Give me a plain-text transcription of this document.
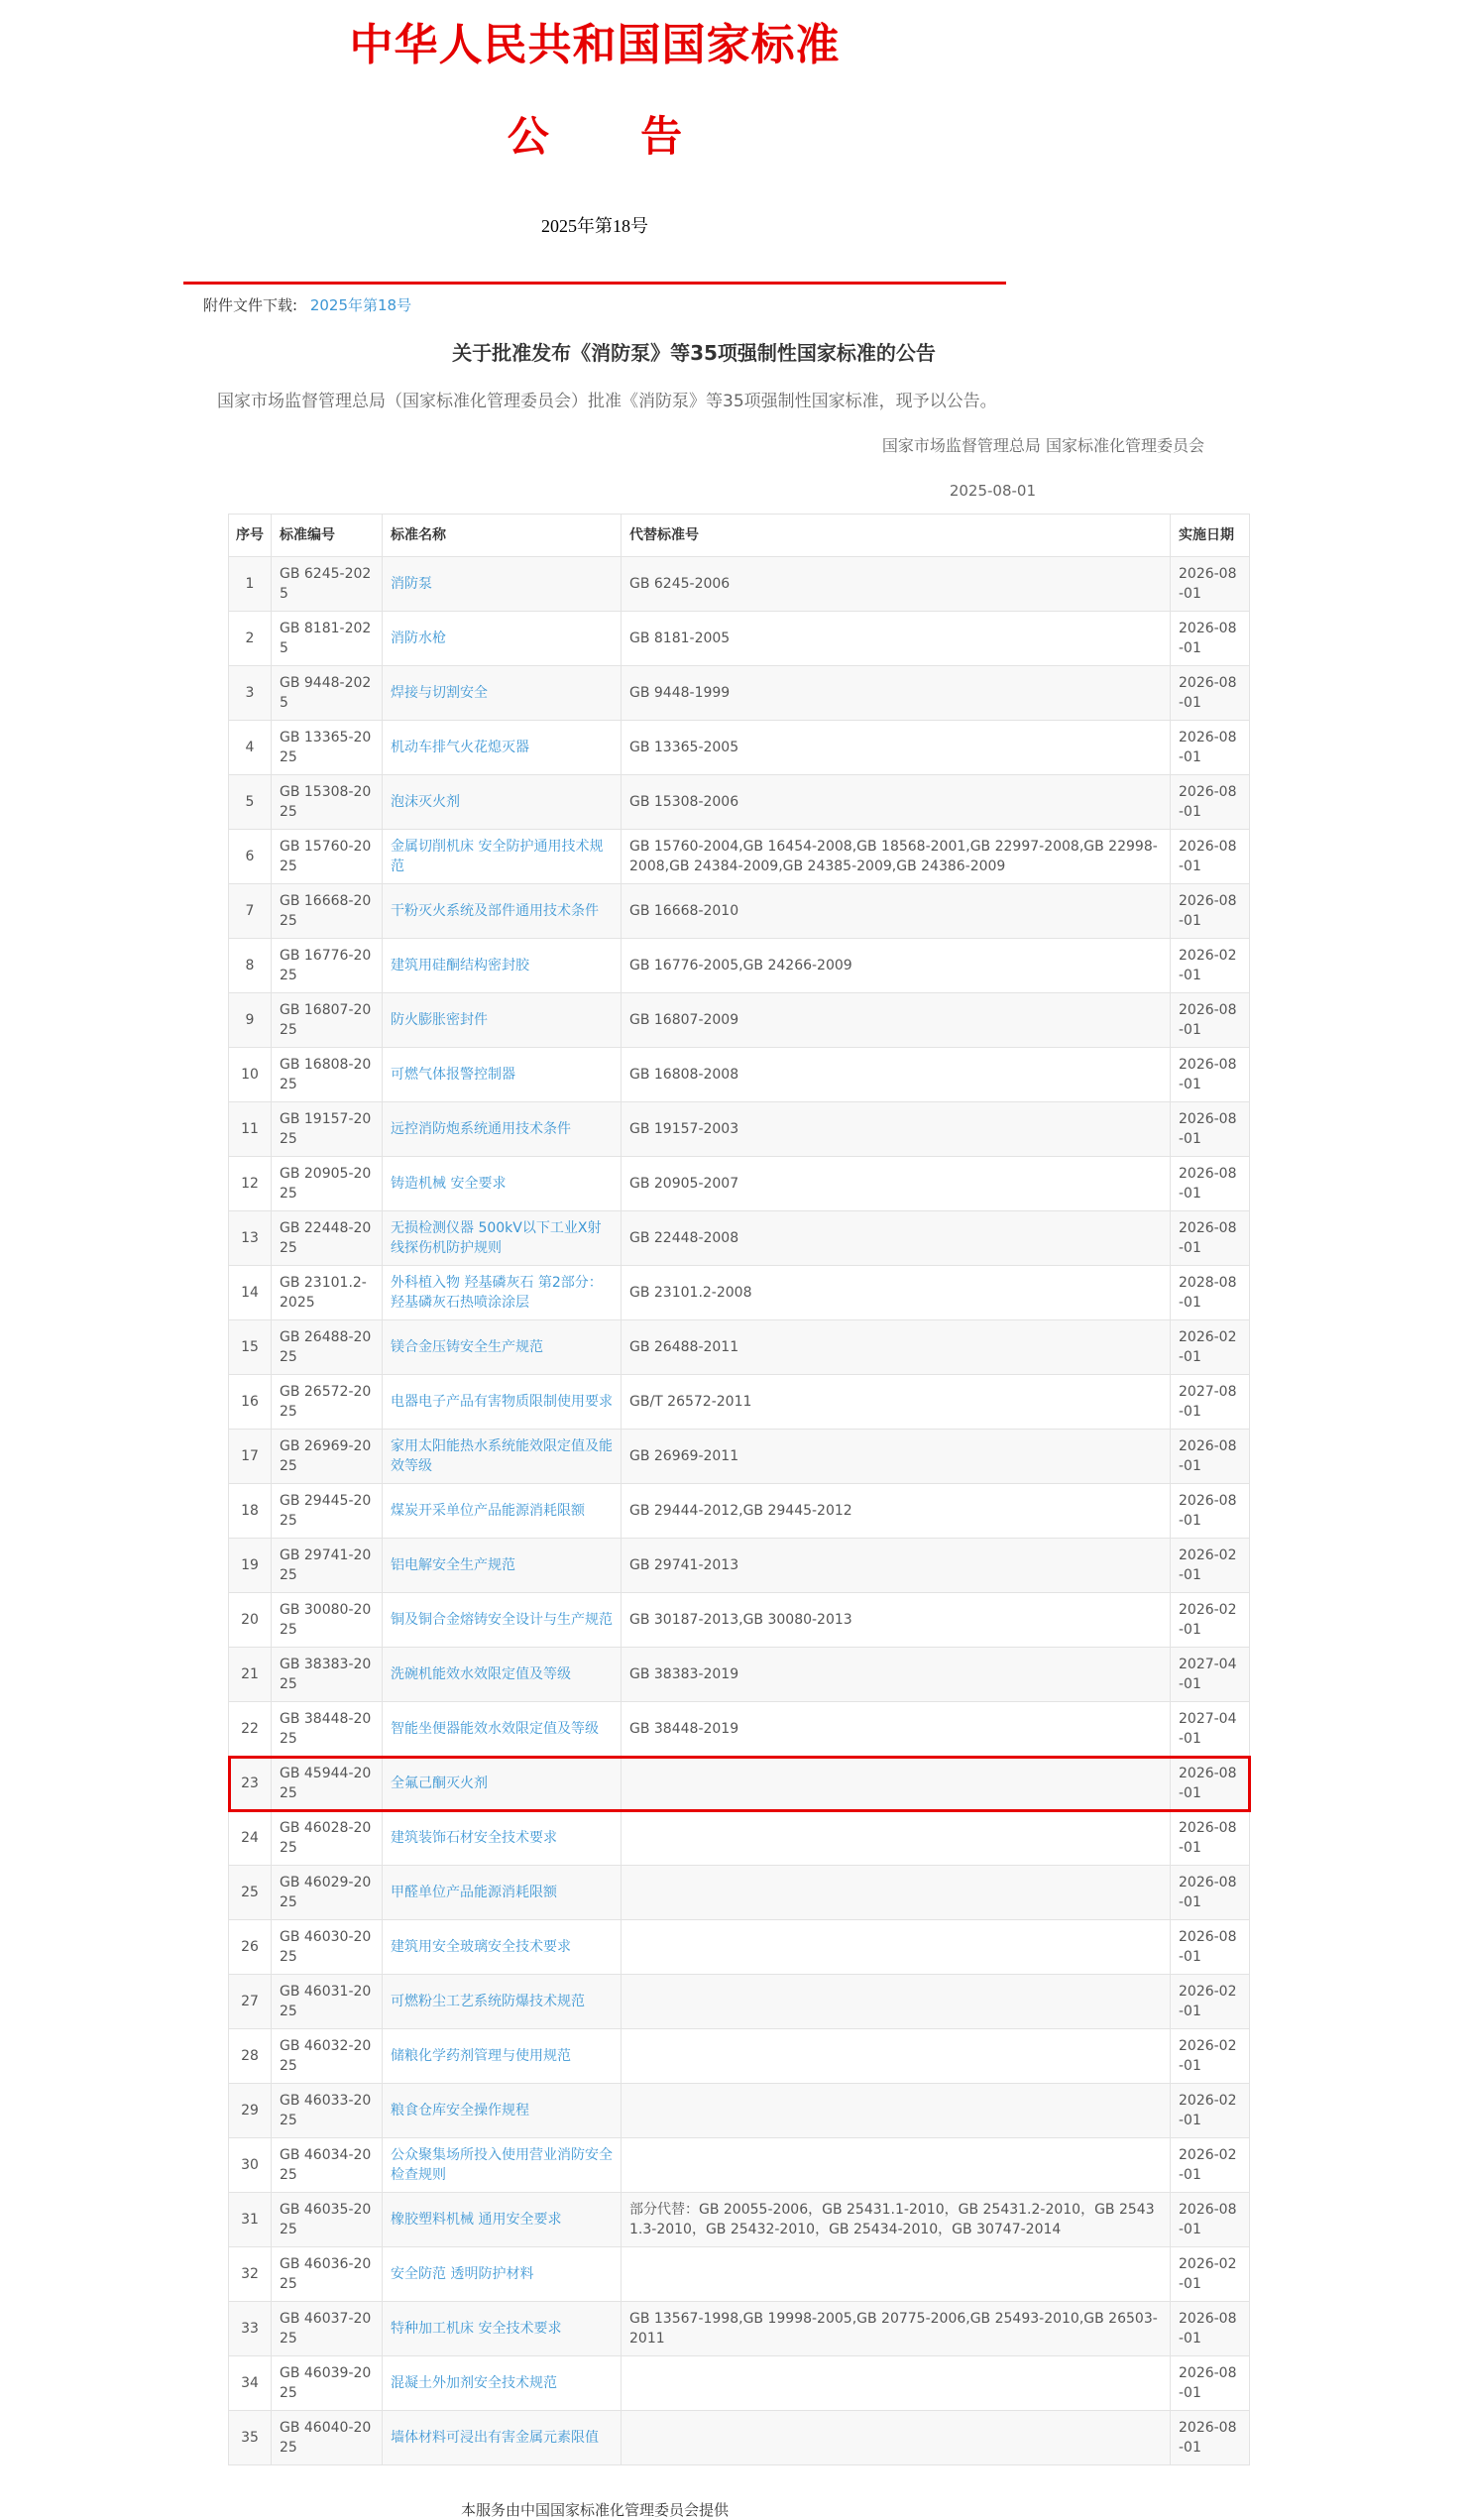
中华人民共和国国家标准
公　告
2025年第18号
附件文件下载: 2025年第18号
关于批准发布《消防泵》等35项强制性国家标准的公告

国家市场监督管理总局（国家标准化管理委员会）批准《消防泵》等35项强制性国家标准，现予以公告。

国家市场监督管理总局 国家标准化管理委员会
2025-08-01
序号	标准编号	标准名称	代替标准号	实施日期
1	GB 6245-2025	消防泵	GB 6245-2006	2026-08-01
2	GB 8181-2025	消防水枪	GB 8181-2005	2026-08-01
3	GB 9448-2025	焊接与切割安全	GB 9448-1999	2026-08-01
4	GB 13365-2025	机动车排气火花熄灭器	GB 13365-2005	2026-08-01
5	GB 15308-2025	泡沫灭火剂	GB 15308-2006	2026-08-01
6	GB 15760-2025	金属切削机床 安全防护通用技术规范	GB 15760-2004,GB 16454-2008,GB 18568-2001,GB 22997-2008,GB 22998-2008,GB 24384-2009,GB 24385-2009,GB 24386-2009	2026-08-01
7	GB 16668-2025	干粉灭火系统及部件通用技术条件	GB 16668-2010	2026-08-01
8	GB 16776-2025	建筑用硅酮结构密封胶	GB 16776-2005,GB 24266-2009	2026-02-01
9	GB 16807-2025	防火膨胀密封件	GB 16807-2009	2026-08-01
10	GB 16808-2025	可燃气体报警控制器	GB 16808-2008	2026-08-01
11	GB 19157-2025	远控消防炮系统通用技术条件	GB 19157-2003	2026-08-01
12	GB 20905-2025	铸造机械 安全要求	GB 20905-2007	2026-08-01
13	GB 22448-2025	无损检测仪器 500kV以下工业X射线探伤机防护规则	GB 22448-2008	2026-08-01
14	GB 23101.2-2025	外科植入物 羟基磷灰石 第2部分：羟基磷灰石热喷涂涂层	GB 23101.2-2008	2028-08-01
15	GB 26488-2025	镁合金压铸安全生产规范	GB 26488-2011	2026-02-01
16	GB 26572-2025	电器电子产品有害物质限制使用要求	GB/T 26572-2011	2027-08-01
17	GB 26969-2025	家用太阳能热水系统能效限定值及能效等级	GB 26969-2011	2026-08-01
18	GB 29445-2025	煤炭开采单位产品能源消耗限额	GB 29444-2012,GB 29445-2012	2026-08-01
19	GB 29741-2025	铝电解安全生产规范	GB 29741-2013	2026-02-01
20	GB 30080-2025	铜及铜合金熔铸安全设计与生产规范	GB 30187-2013,GB 30080-2013	2026-02-01
21	GB 38383-2025	洗碗机能效水效限定值及等级	GB 38383-2019	2027-04-01
22	GB 38448-2025	智能坐便器能效水效限定值及等级	GB 38448-2019	2027-04-01
23	GB 45944-2025	全氟己酮灭火剂		2026-08-01
24	GB 46028-2025	建筑装饰石材安全技术要求		2026-08-01
25	GB 46029-2025	甲醛单位产品能源消耗限额		2026-08-01
26	GB 46030-2025	建筑用安全玻璃安全技术要求		2026-08-01
27	GB 46031-2025	可燃粉尘工艺系统防爆技术规范		2026-02-01
28	GB 46032-2025	储粮化学药剂管理与使用规范		2026-02-01
29	GB 46033-2025	粮食仓库安全操作规程		2026-02-01
30	GB 46034-2025	公众聚集场所投入使用营业消防安全检查规则		2026-02-01
31	GB 46035-2025	橡胶塑料机械 通用安全要求	部分代替：GB 20055-2006，GB 25431.1-2010，GB 25431.2-2010，GB 25431.3-2010，GB 25432-2010，GB 25434-2010，GB 30747-2014	2026-08-01
32	GB 46036-2025	安全防范 透明防护材料		2026-02-01
33	GB 46037-2025	特种加工机床 安全技术要求	GB 13567-1998,GB 19998-2005,GB 20775-2006,GB 25493-2010,GB 26503-2011	2026-08-01
34	GB 46039-2025	混凝土外加剂安全技术规范		2026-08-01
35	GB 46040-2025	墙体材料可浸出有害金属元素限值		2026-08-01
本服务由中国国家标准化管理委员会提供
